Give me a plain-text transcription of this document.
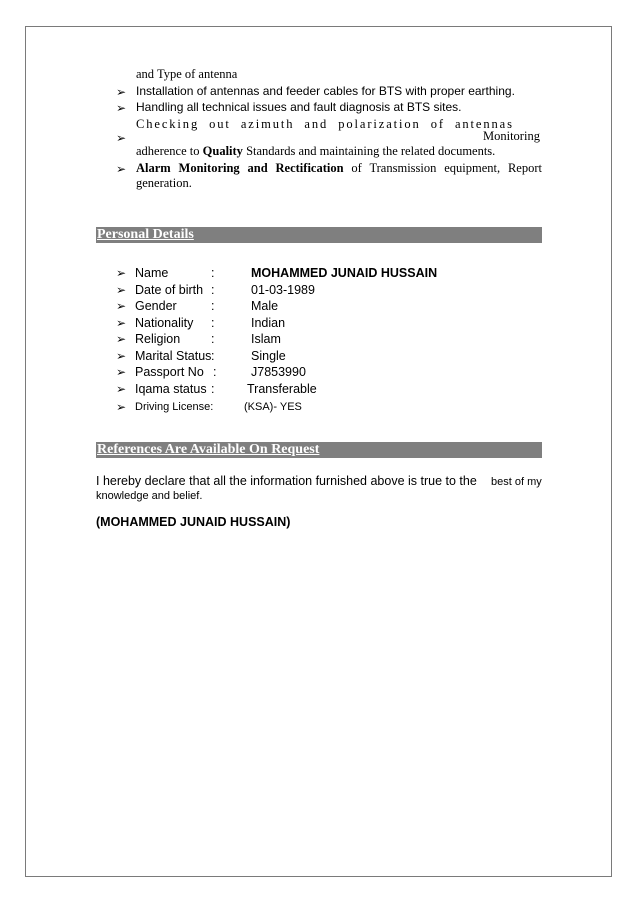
and Type of antenna
➢ Installation of antennas and feeder cables for BTS with proper earthing.
➢ Handling all technical issues and fault diagnosis at BTS sites.
Checking out azimuth and polarization of antennas
➢	Monitoring
adherence to Quality Standards and maintaining the related documents.
➢ Alarm Monitoring and Rectification of Transmission equipment, Report
generation.
Personal Details
➢ Name	:	MOHAMMED JUNAID HUSSAIN
➢ Date of birth :	01-03-1989
➢ Gender	:	Male
➢ Nationality :	Indian
➢ Religion :	Islam
➢ Marital Status :	Single
➢ Passport No :	J7853990
➢ Iqama status :	Transferable
➢ Driving License:	(KSA)- YES
References Are Available On Request
I hereby declare that all the information furnished above is true to the best of my
knowledge and belief.
(MOHAMMED JUNAID HUSSAIN)
